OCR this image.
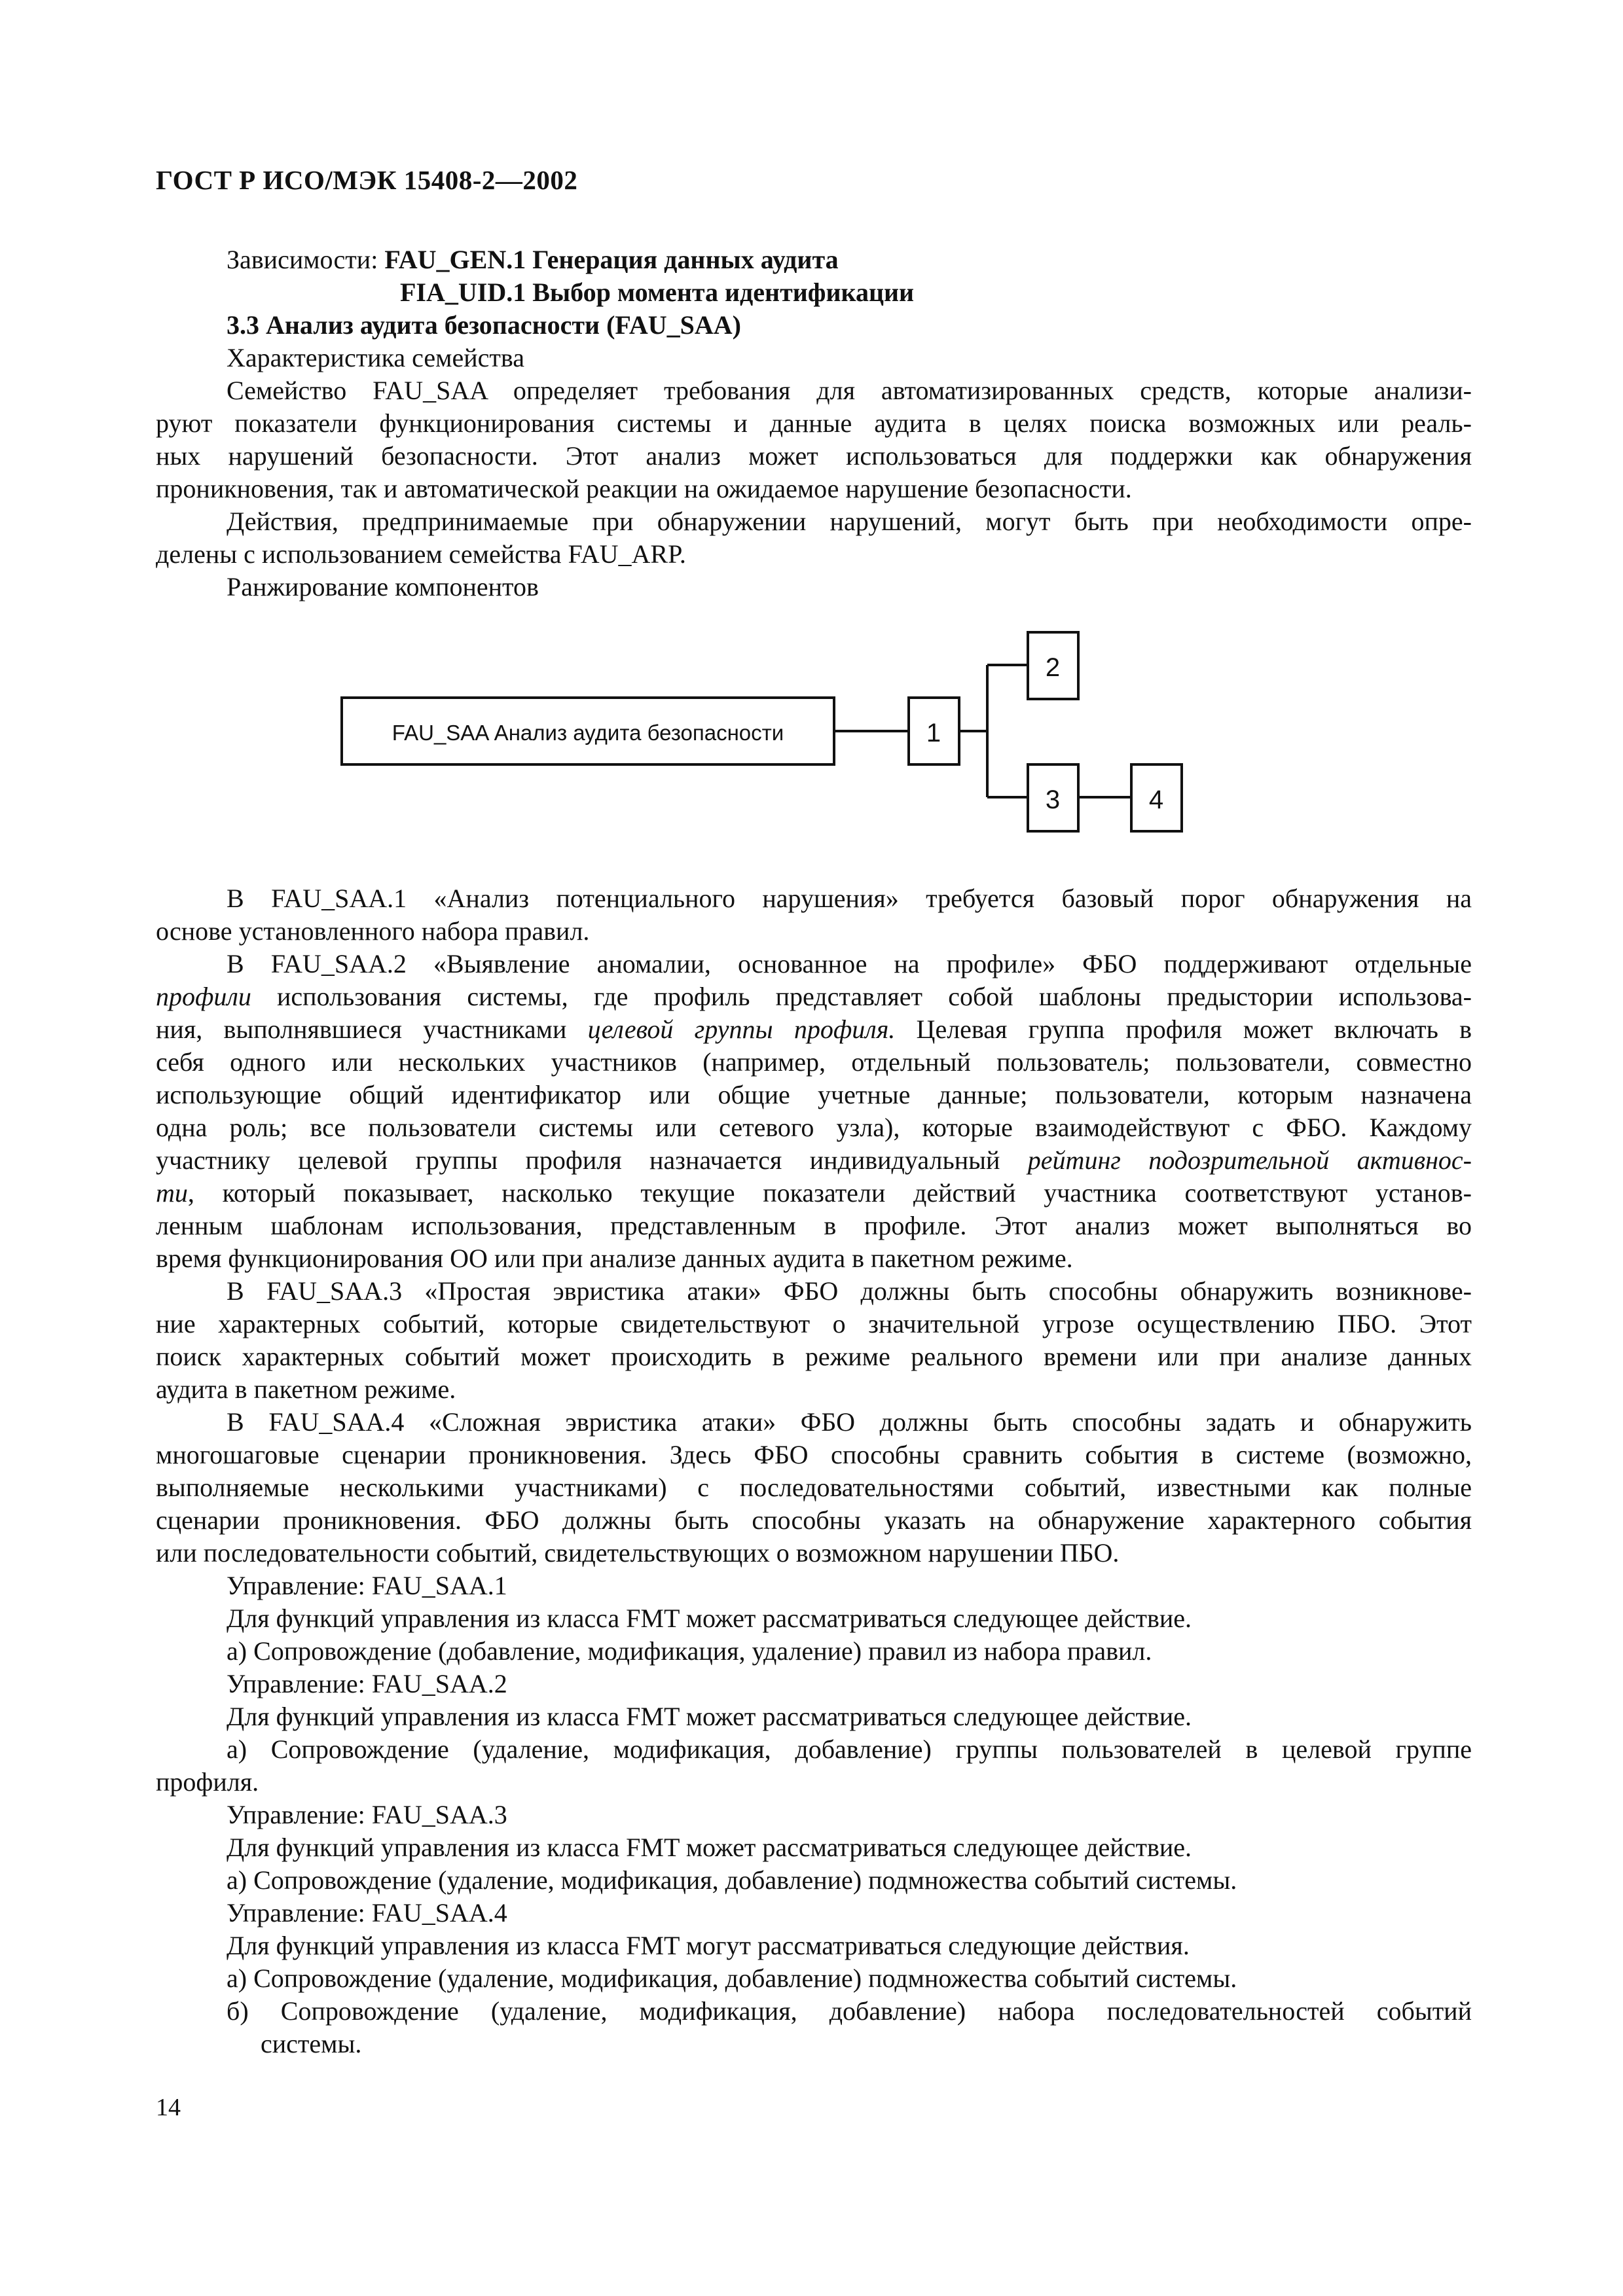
ГОСТ Р ИСО/МЭК 15408-2—2002

Зависимости: FAU_GEN.1 Генерация данных аудита

FIA_UID.1 Выбор момента идентификации

3.3 Анализ аудита безопасности (FAU_SAA)

Характеристика семейства

Семейство FAU_SAA определяет требования для автоматизированных средств, которые анализи-

руют показатели функционирования системы и данные аудита в целях поиска возможных или реаль-

ных нарушений безопасности. Этот анализ может использоваться для поддержки как обнаружения

проникновения, так и автоматической реакции на ожидаемое нарушение безопасности.

Действия, предпринимаемые при обнаружении нарушений, могут быть при необходимости опре-

делены с использованием семейства FAU_ARP.

Ранжирование компонентов

FAU_SAA Анализ аудита безопасности	1
2
3	4

В FAU_SAA.1 «Анализ потенциального нарушения» требуется базовый порог обнаружения на

основе установленного набора правил.

В FAU_SAA.2 «Выявление аномалии, основанное на профиле» ФБО поддерживают отдельные

профили использования системы, где профиль представляет собой шаблоны предыстории использова-

ния, выполнявшиеся участниками целевой группы профиля. Целевая группа профиля может включать в

себя одного или нескольких участников (например, отдельный пользователь; пользователи, совместно

использующие общий идентификатор или общие учетные данные; пользователи, которым назначена

одна роль; все пользователи системы или сетевого узла), которые взаимодействуют с ФБО. Каждому

участнику целевой группы профиля назначается индивидуальный рейтинг подозрительной активнос-

ти, который показывает, насколько текущие показатели действий участника соответствуют установ-

ленным шаблонам использования, представленным в профиле. Этот анализ может выполняться во

время функционирования ОО или при анализе данных аудита в пакетном режиме.

В FAU_SAA.3 «Простая эвристика атаки» ФБО должны быть способны обнаружить возникнове-

ние характерных событий, которые свидетельствуют о значительной угрозе осуществлению ПБО. Этот

поиск характерных событий может происходить в режиме реального времени или при анализе данных

аудита в пакетном режиме.

В FAU_SAA.4 «Сложная эвристика атаки» ФБО должны быть способны задать и обнаружить

многошаговые сценарии проникновения. Здесь ФБО способны сравнить события в системе (возможно,

выполняемые несколькими участниками) с последовательностями событий, известными как полные

сценарии проникновения. ФБО должны быть способны указать на обнаружение характерного события

или последовательности событий, свидетельствующих о возможном нарушении ПБО.

Управление: FAU_SAA.1

Для функций управления из класса FMT может рассматриваться следующее действие.

а) Сопровождение (добавление, модификация, удаление) правил из набора правил.

Управление: FAU_SAA.2

Для функций управления из класса FMT может рассматриваться следующее действие.

а) Сопровождение (удаление, модификация, добавление) группы пользователей в целевой группе

профиля.

Управление: FAU_SAA.3

Для функций управления из класса FMT может рассматриваться следующее действие.

а) Сопровождение (удаление, модификация, добавление) подмножества событий системы.

Управление: FAU_SAA.4

Для функций управления из класса FMT могут рассматриваться следующие действия.

а) Сопровождение (удаление, модификация, добавление) подмножества событий системы.

б) Сопровождение (удаление, модификация, добавление) набора последовательностей событий

системы.

14
